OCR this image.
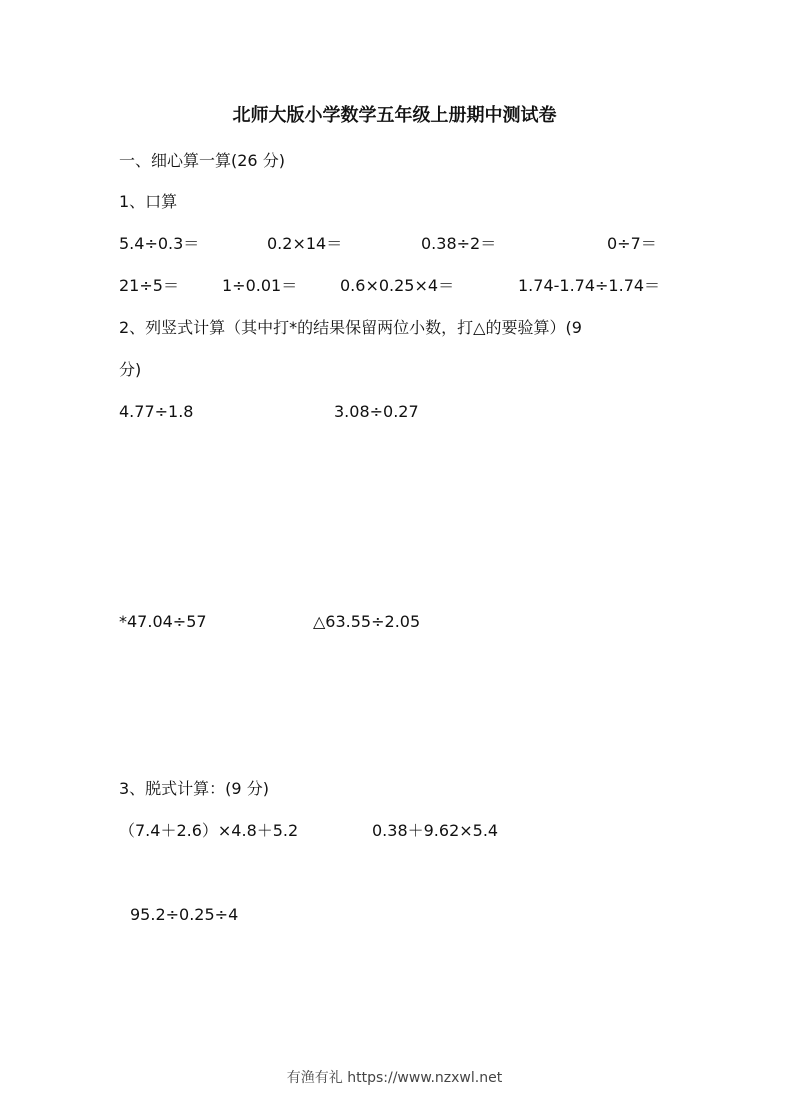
北师大版小学数学五年级上册期中测试卷
一、细心算一算(26 分)
1、口算
5.4÷0.3＝	0.2×14＝	0.38÷2＝	0÷7＝
21÷5＝	1÷0.01＝	0.6×0.25×4＝	1.74-1.74÷1.74＝
2、列竖式计算（其中打*的结果保留两位小数，打△的要验算）(9
分)
4.77÷1.8	3.08÷0.27
*47.04÷57	△63.55÷2.05
3、脱式计算：(9 分)
（7.4＋2.6）×4.8＋5.2	0.38＋9.62×5.4
95.2÷0.25÷4
有渔有礼 https://www.nzxwl.net
